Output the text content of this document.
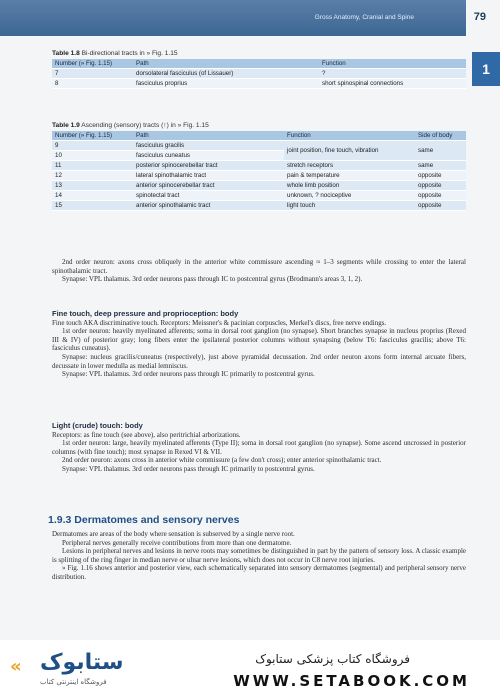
Gross Anatomy, Cranial and Spine	79
1
Table 1.8 Bi-directional tracts in » Fig. 1.15
Number (» Fig. 1.15)	Path	Function
7	dorsolateral fasciculus (of Lissauer)	?
8	fasciculus proprius	short spinospinal connections
Table 1.9 Ascending (sensory) tracts (↑) in » Fig. 1.15
Number (» Fig. 1.15)	Path	Function	Side of body
9	fasciculus gracilis	joint position, fine touch, vibration	same
10	fasciculus cuneatus		
11	posterior spinocerebellar tract	stretch receptors	same
12	lateral spinothalamic tract	pain & temperature	opposite
13	anterior spinocerebellar tract	whole limb position	opposite
14	spinotectal tract	unknown, ? nociceptive	opposite
15	anterior spinothalamic tract	light touch	opposite

2nd order neuron: axons cross obliquely in the anterior white commissure ascending ≈ 1–3 segments while crossing to enter the lateral spinothalamic tract.

Synapse: VPL thalamus. 3rd order neurons pass through IC to postcentral gyrus (Brodmann's areas 3, 1, 2).

Fine touch, deep pressure and proprioception: body

Fine touch AKA discriminative touch. Receptors: Meissner's & pacinian corpuscles, Merkel's discs, free nerve endings.

1st order neuron: heavily myelinated afferents; soma in dorsal root ganglion (no synapse). Short branches synapse in nucleus proprius (Rexed III & IV) of posterior gray; long fibers enter the ipsilateral posterior columns without synapsing (below T6: fasciculus gracilis; above T6: fasciculus cuneatus).

Synapse: nucleus gracilis/cuneatus (respectively), just above pyramidal decussation. 2nd order neuron axons form internal arcuate fibers, decussate in lower medulla as medial lemniscus.

Synapse: VPL thalamus. 3rd order neurons pass through IC primarily to postcentral gyrus.

Light (crude) touch: body

Receptors: as fine touch (see above), also peritrichial arborizations.

1st order neuron: large, heavily myelinated afferents (Type II); soma in dorsal root ganglion (no synapse). Some ascend uncrossed in posterior columns (with fine touch); most synapse in Rexed VI & VII.

2nd order neuron: axons cross in anterior white commissure (a few don't cross); enter anterior spinothalamic tract.

Synapse: VPL thalamus. 3rd order neurons pass through IC primarily to postcentral gyrus.

1.9.3 Dermatomes and sensory nerves

Dermatomes are areas of the body where sensation is subserved by a single nerve root.

Peripheral nerves generally receive contributions from more than one dermatome.

Lesions in peripheral nerves and lesions in nerve roots may sometimes be distinguished in part by the pattern of sensory loss. A classic example is splitting of the ring finger in median nerve or ulnar nerve lesions, which does not occur in C8 nerve root injuries.

» Fig. 1.16 shows anterior and posterior view, each schematically separated into sensory dermatomes (segmental) and peripheral sensory nerve distribution.

« ستابوک
فروشگاه اینترنتی کتاب
فروشگاه کتاب پزشکی ستابوک
WWW.SETABOOK.COM
